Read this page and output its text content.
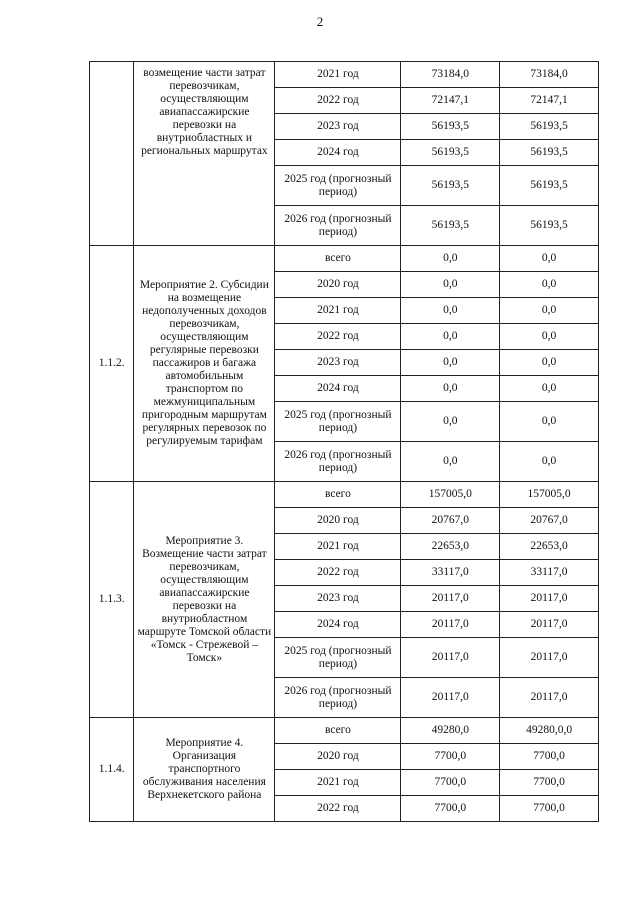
2
	возмещение части затрат перевозчикам, осуществляющим авиапассажирские перевозки на внутриобластных и региональных маршрутах	2021 год	73184,0	73184,0
		2022 год	72147,1	72147,1
		2023 год	56193,5	56193,5
		2024 год	56193,5	56193,5
		2025 год (прогнозный период)	56193,5	56193,5
		2026 год (прогнозный период)	56193,5	56193,5
1.1.2.	Мероприятие 2. Субсидии на возмещение недополученных доходов перевозчикам, осуществляющим регулярные перевозки пассажиров и багажа автомобильным транспортом по межмуниципальным пригородным маршрутам регулярных перевозок по регулируемым тарифам	всего	0,0	0,0
		2020 год	0,0	0,0
		2021 год	0,0	0,0
		2022 год	0,0	0,0
		2023 год	0,0	0,0
		2024 год	0,0	0,0
		2025 год (прогнозный период)	0,0	0,0
		2026 год (прогнозный период)	0,0	0,0
1.1.3.	Мероприятие 3. Возмещение части затрат перевозчикам, осуществляющим авиапассажирские перевозки на внутриобластном маршруте Томской области «Томск - Стрежевой – Томск»	всего	157005,0	157005,0
		2020 год	20767,0	20767,0
		2021 год	22653,0	22653,0
		2022 год	33117,0	33117,0
		2023 год	20117,0	20117,0
		2024 год	20117,0	20117,0
		2025 год (прогнозный период)	20117,0	20117,0
		2026 год (прогнозный период)	20117,0	20117,0
1.1.4.	Мероприятие 4. Организация транспортного обслуживания населения Верхнекетского района	всего	49280,0	49280,0,0
		2020 год	7700,0	7700,0
		2021 год	7700,0	7700,0
		2022 год	7700,0	7700,0
